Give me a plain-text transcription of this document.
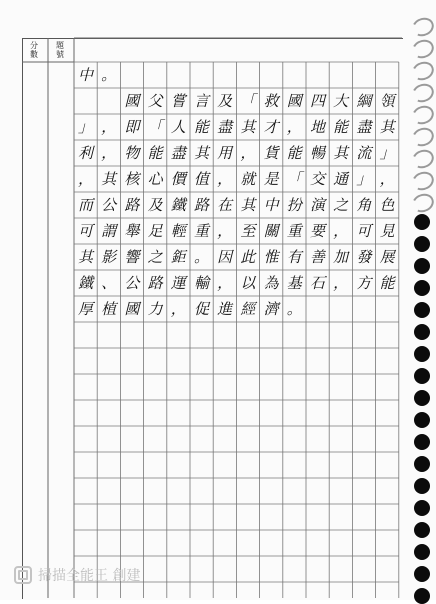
分數
題號
中 。
國 父 嘗 言 及 「 救 國 四 大 綱 領
」 ， 即 「 人 能 盡 其 才 ， 地 能 盡 其
利 ， 物 能 盡 其 用 ， 貨 能 暢 其 流 」
， 其 核 心 價 值 ， 就 是 「 交 通 」 ，
而 公 路 及 鐵 路 在 其 中 扮 演 之 角 色
可 謂 舉 足 輕 重 ， 至 關 重 要 ， 可 見
其 影 響 之 鉅 。 因 此 惟 有 善 加 發 展
鐵 、 公 路 運 輸 ， 以 為 基 石 ， 方 能
厚 植 國 力 ， 促 進 經 濟 。
掃描全能王 創建
